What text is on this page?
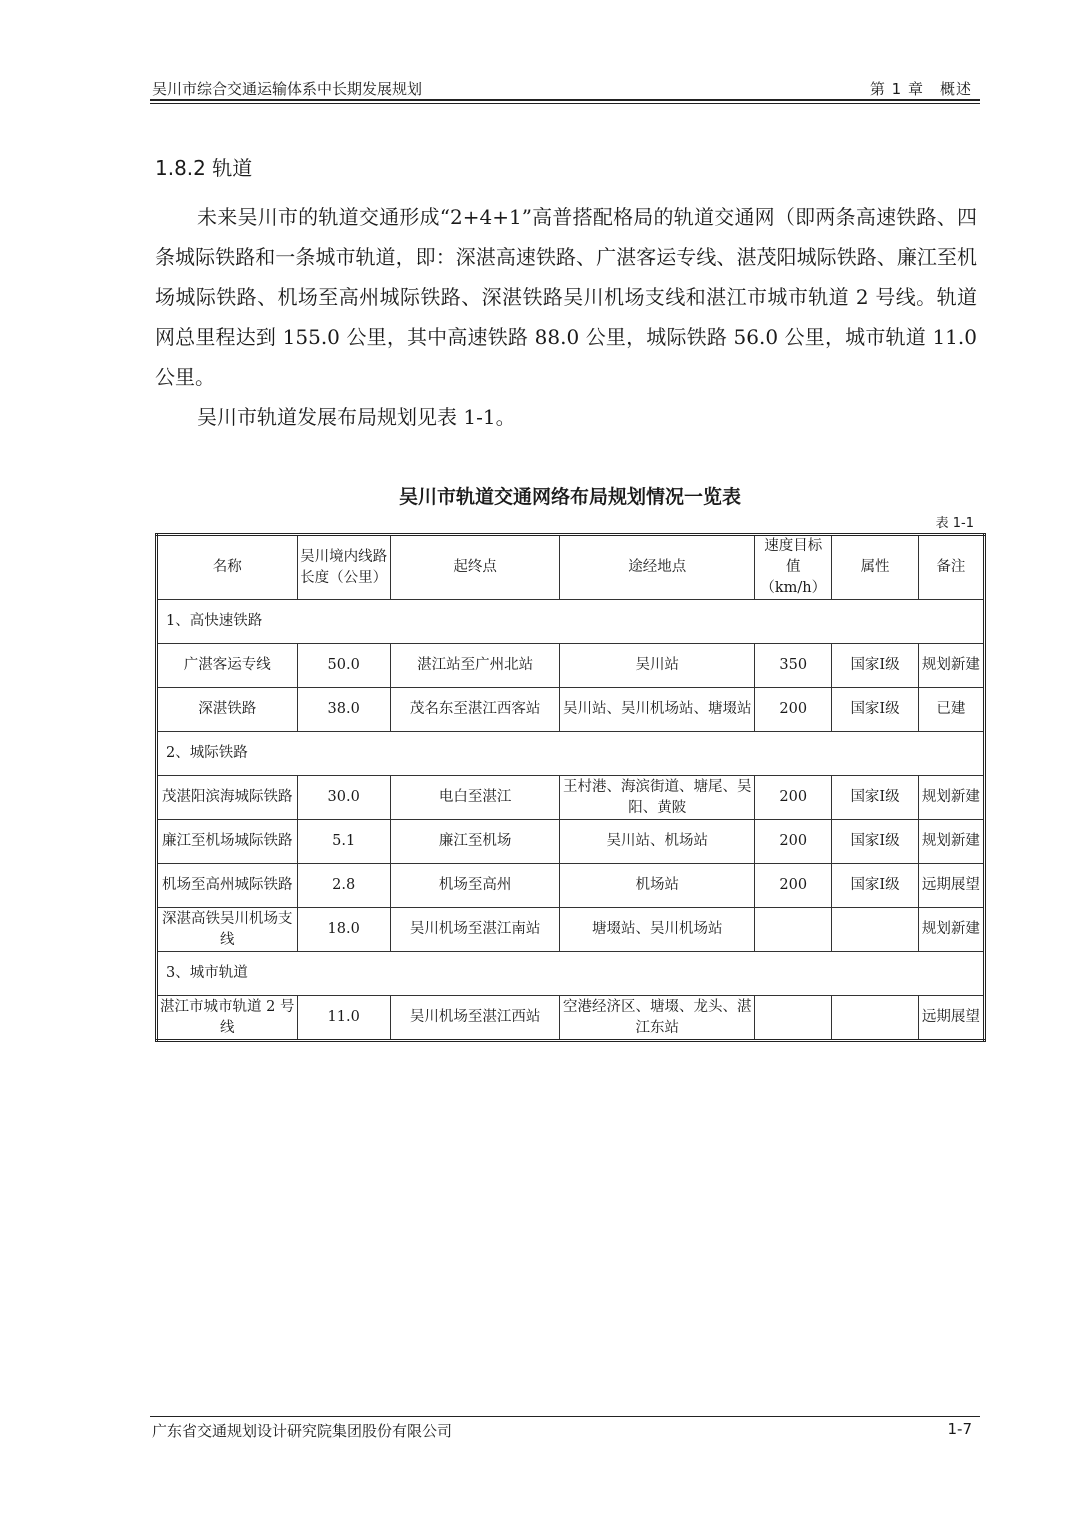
吴川市综合交通运输体系中长期发展规划	第 1 章　概述
1.8.2 轨道
未来吴川市的轨道交通形成“2+4+1”高普搭配格局的轨道交通网（即两条高速铁路、四条城际铁路和一条城市轨道，即：深湛高速铁路、广湛客运专线、湛茂阳城际铁路、廉江至机场城际铁路、机场至高州城际铁路、深湛铁路吴川机场支线和湛江市城市轨道 2 号线。轨道网总里程达到 155.0 公里，其中高速铁路 88.0 公里，城际铁路 56.0 公里，城市轨道 11.0 公里。
吴川市轨道发展布局规划见表 1-1。
吴川市轨道交通网络布局规划情况一览表
表 1-1
名称	吴川境内线路长度（公里）	起终点	途经地点	速度目标值（km/h）	属性	备注
1、高快速铁路						
广湛客运专线	50.0	湛江站至广州北站	吴川站	350	国家Ⅰ级	规划新建
深湛铁路	38.0	茂名东至湛江西客站	吴川站、吴川机场站、塘㙍站	200	国家Ⅰ级	已建
2、城际铁路						
茂湛阳滨海城际铁路	30.0	电白至湛江	王村港、海滨街道、塘尾、吴阳、黄陂	200	国家Ⅰ级	规划新建
廉江至机场城际铁路	5.1	廉江至机场	吴川站、机场站	200	国家Ⅰ级	规划新建
机场至高州城际铁路	2.8	机场至高州	机场站	200	国家Ⅰ级	远期展望
深湛高铁吴川机场支线	18.0	吴川机场至湛江南站	塘㙍站、吴川机场站			规划新建
3、城市轨道						
湛江市城市轨道 2 号线	11.0	吴川机场至湛江西站	空港经济区、塘㙍、龙头、湛江东站			远期展望
广东省交通规划设计研究院集团股份有限公司	1-7
